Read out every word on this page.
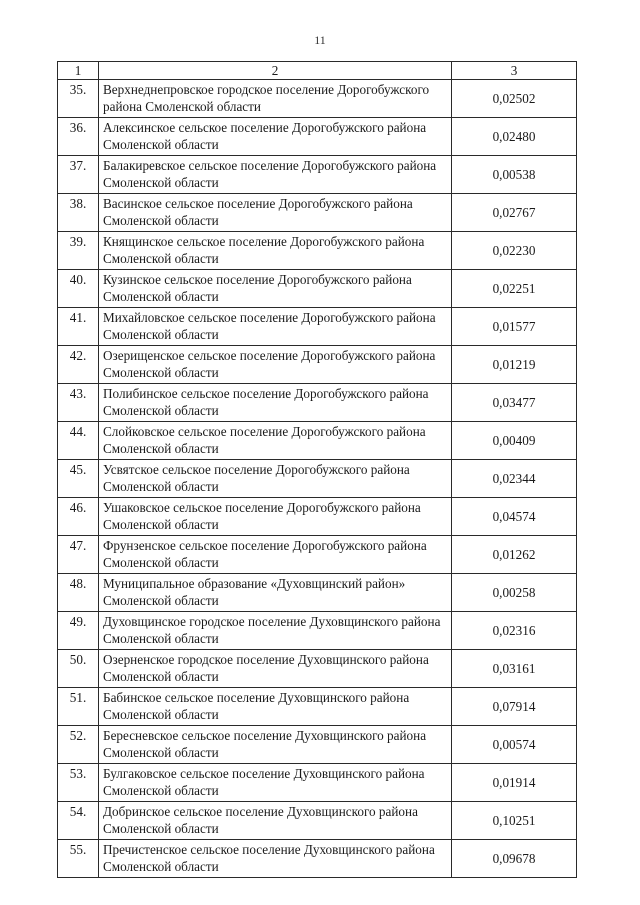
11
1	2	3
35.	Верхнеднепровское городское поселение Дорогобужского района Смоленской области	0,02502
36.	Алексинское сельское поселение Дорогобужского района Смоленской области	0,02480
37.	Балакиревское сельское поселение Дорогобужского района Смоленской области	0,00538
38.	Васинское сельское поселение Дорогобужского района Смоленской области	0,02767
39.	Княщинское сельское поселение Дорогобужского района Смоленской области	0,02230
40.	Кузинское сельское поселение Дорогобужского района Смоленской области	0,02251
41.	Михайловское сельское поселение Дорогобужского района Смоленской области	0,01577
42.	Озерищенское сельское поселение Дорогобужского района Смоленской области	0,01219
43.	Полибинское сельское поселение Дорогобужского района Смоленской области	0,03477
44.	Слойковское сельское поселение Дорогобужского района Смоленской области	0,00409
45.	Усвятское сельское поселение Дорогобужского района Смоленской области	0,02344
46.	Ушаковское сельское поселение Дорогобужского района Смоленской области	0,04574
47.	Фрунзенское сельское поселение Дорогобужского района Смоленской области	0,01262
48.	Муниципальное образование «Духовщинский район» Смоленской области	0,00258
49.	Духовщинское городское поселение Духовщинского района Смоленской области	0,02316
50.	Озерненское городское поселение Духовщинского района Смоленской области	0,03161
51.	Бабинское сельское поселение Духовщинского района Смоленской области	0,07914
52.	Бересневское сельское поселение Духовщинского района Смоленской области	0,00574
53.	Булгаковское сельское поселение Духовщинского района Смоленской области	0,01914
54.	Добринское сельское поселение Духовщинского района Смоленской области	0,10251
55.	Пречистенское сельское поселение Духовщинского района Смоленской области	0,09678
